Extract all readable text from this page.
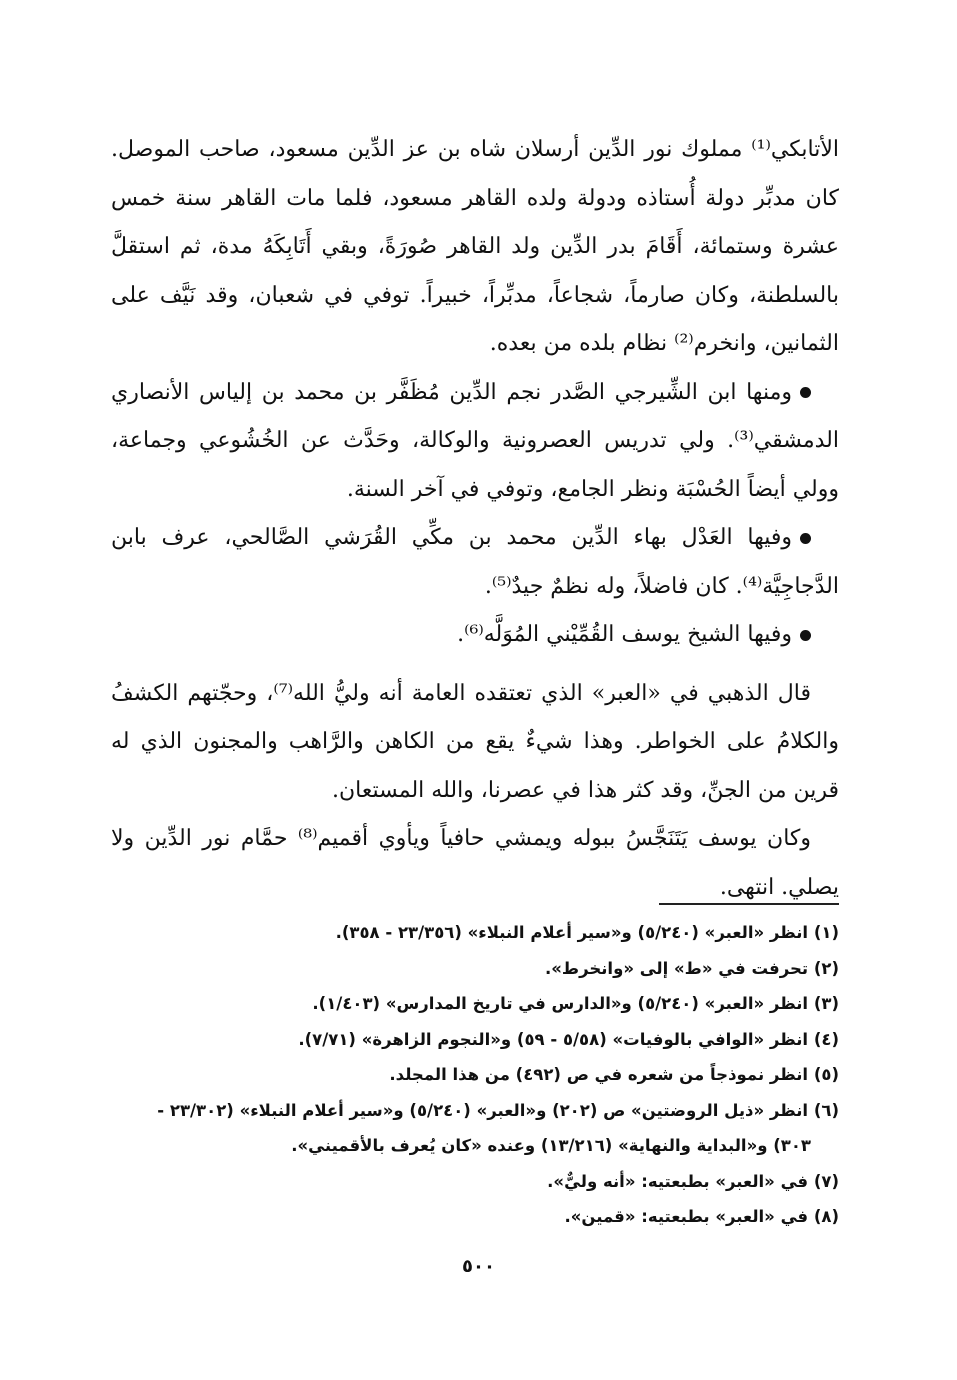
الأتابكي⁽¹⁾ مملوك نور الدِّين أرسلان شاه بن عز الدِّين مسعود، صاحب الموصل. كان مدبِّر دولة أُستاذه ودولة ولده القاهر مسعود، فلما مات القاهر سنة خمس عشرة وستمائة، أَقَامَ بدر الدِّين ولد القاهر صُورَةً، وبقي أَتَابِكَهُ مدة، ثم استقلَّ بالسلطنة، وكان صارماً، شجاعاً، مدبِّراً، خبيراً. توفي في شعبان، وقد نَيَّف على الثمانين، وانخرم⁽²⁾ نظام بلده من بعده.

ومنها ابن الشِّيرجي الصَّدر نجم الدِّين مُظَفَّر بن محمد بن إلياس الأنصاري الدمشقي⁽³⁾. ولي تدريس العصرونية والوكالة، وحَدَّث عن الخُشُوعي وجماعة، وولي أيضاً الحُسْبَة ونظر الجامع، وتوفي في آخر السنة.

وفيها العَدْل بهاء الدِّين محمد بن مكِّي القُرَشي الصَّالحي، عرف بابن الدَّجاجِيَّة⁽⁴⁾. كان فاضلاً، وله نظمٌ جيدٌ⁽⁵⁾.

وفيها الشيخ يوسف القُمِّيْني المُوَلَّه⁽⁶⁾.

قال الذهبي في «العبر» الذي تعتقده العامة أنه وليُّ الله⁽⁷⁾، وحجّتهم الكشفُ والكلامُ على الخواطر. وهذا شيءٌ يقع من الكاهن والرَّاهب والمجنون الذي له قرين من الجنِّ، وقد كثر هذا في عصرنا، والله المستعان.

وكان يوسف يَتَنَجَّسُ ببوله ويمشي حافياً ويأوي أقميم⁽⁸⁾ حمَّام نور الدِّين ولا يصلي. انتهى.

(١) انظر «العبر» (٥/٢٤٠) و«سير أعلام النبلاء» (٢٣/٣٥٦ - ٣٥٨).

(٢) تحرفت في «ط» إلى «وانخرط».

(٣) انظر «العبر» (٥/٢٤٠) و«الدارس في تاريخ المدارس» (١/٤٠٣).

(٤) انظر «الوافي بالوفيات» (٥/٥٨ - ٥٩) و«النجوم الزاهرة» (٧/٧١).

(٥) انظر نموذجاً من شعره في ص (٤٩٢) من هذا المجلد.

(٦) انظر «ذيل الروضتين» ص (٢٠٢) و«العبر» (٥/٢٤٠) و«سير أعلام النبلاء» (٢٣/٣٠٢ -

٣٠٣) و«البداية والنهاية» (١٣/٢١٦) وعنده «كان يُعرف بالأقميني».

(٧) في «العبر» بطبعتيه: «أنه وليٌّ».

(٨) في «العبر» بطبعتيه: «قمين».

٥٠٠
